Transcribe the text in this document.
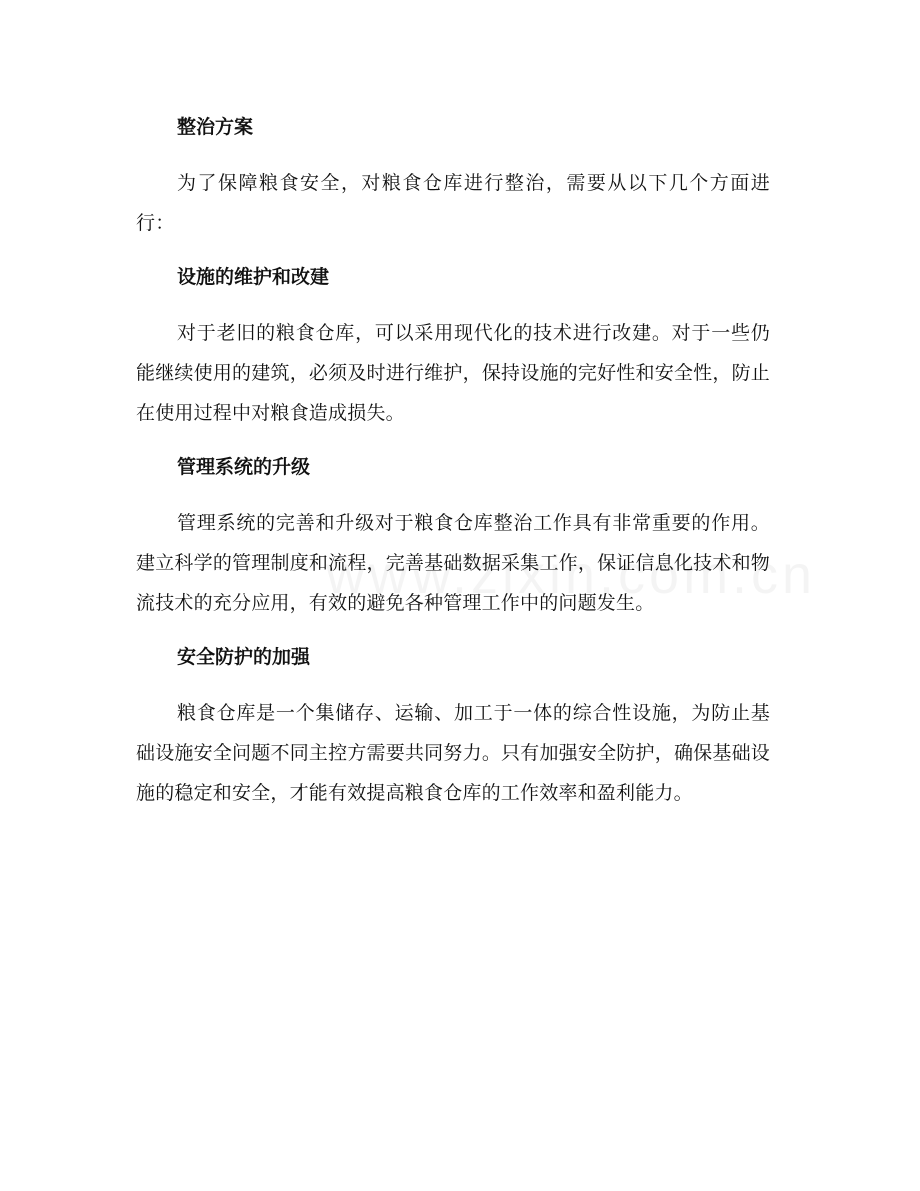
整治方案

为了保障粮食安全，对粮食仓库进行整治，需要从以下几个方面进行：

设施的维护和改建

对于老旧的粮食仓库，可以采用现代化的技术进行改建。对于一些仍能继续使用的建筑，必须及时进行维护，保持设施的完好性和安全性，防止在使用过程中对粮食造成损失。

管理系统的升级

管理系统的完善和升级对于粮食仓库整治工作具有非常重要的作用。建立科学的管理制度和流程，完善基础数据采集工作，保证信息化技术和物流技术的充分应用，有效的避免各种管理工作中的问题发生。

安全防护的加强

粮食仓库是一个集储存、运输、加工于一体的综合性设施，为防止基础设施安全问题不同主控方需要共同努力。只有加强安全防护，确保基础设施的稳定和安全，才能有效提高粮食仓库的工作效率和盈利能力。
